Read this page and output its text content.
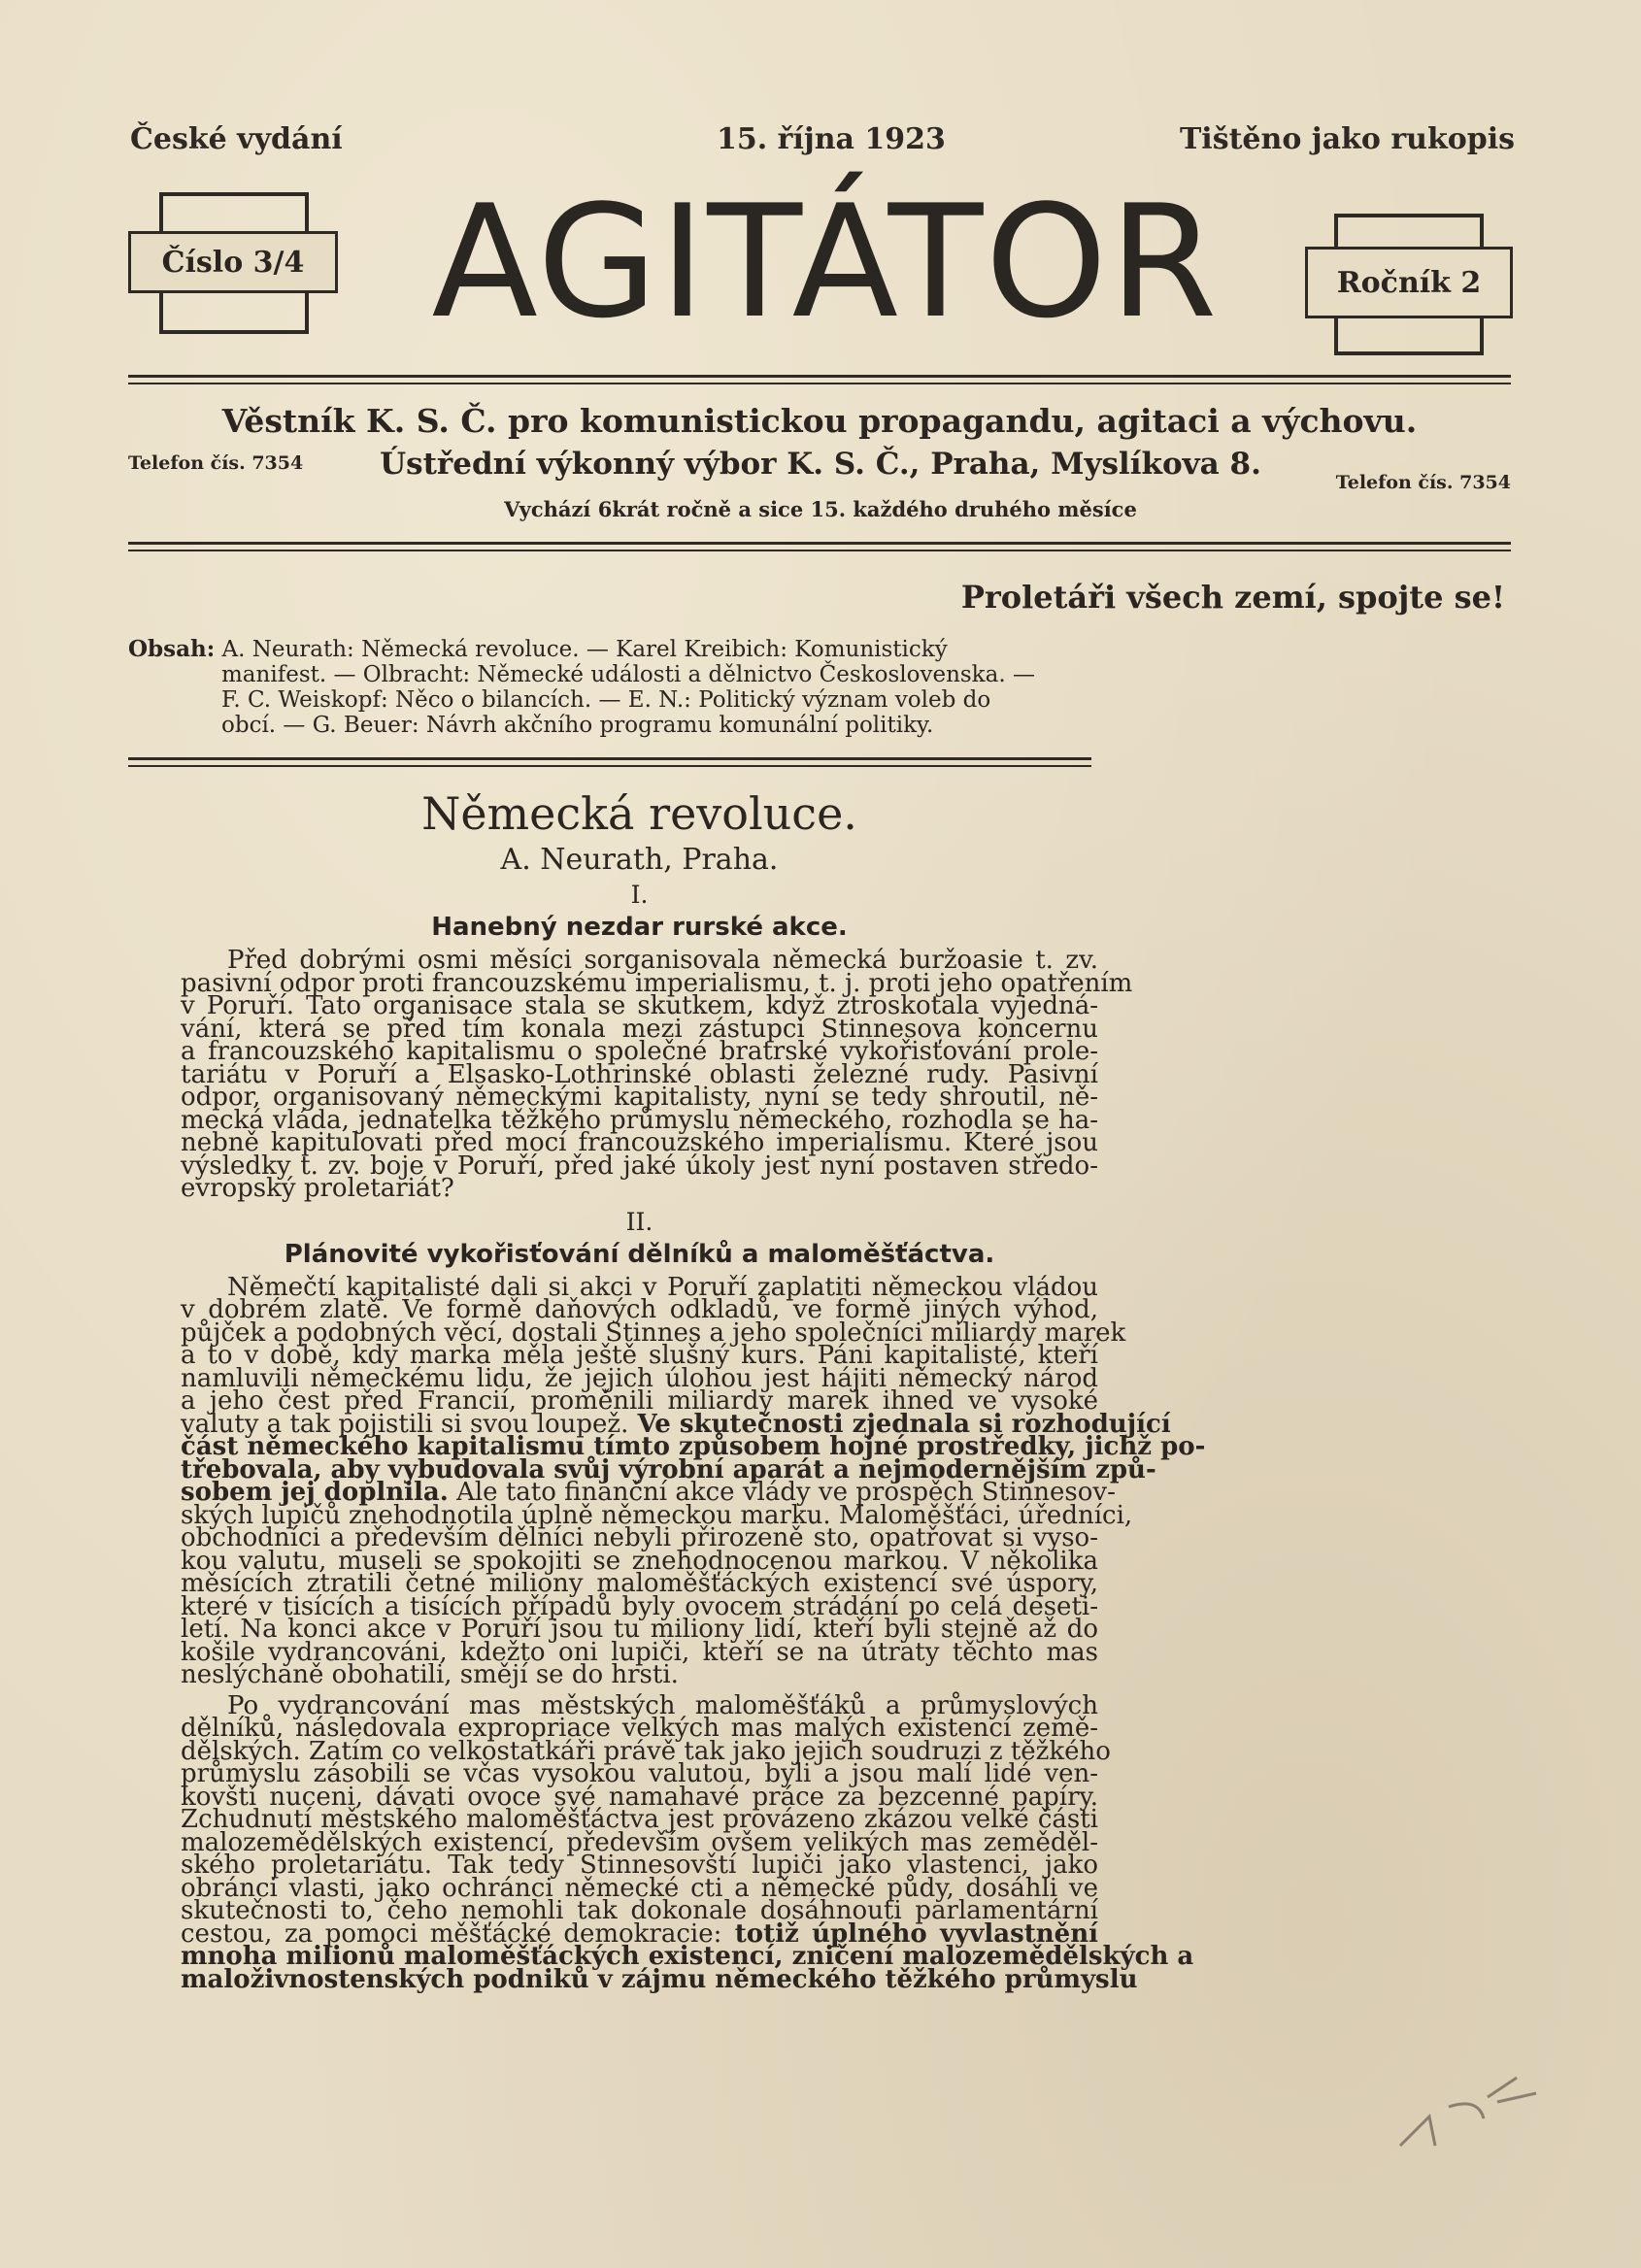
České vydání	15. října 1923	Tištěno jako rukopis
Číslo 3/4 AGITÁTOR	Ročník 2
Věstník K. S. Č. pro komunistickou propagandu, agitaci a výchovu.
Telefon čís. 7354	Ústřední výkonný výbor K. S. Č., Praha, Myslíkova 8.
Telefon čís. 7354
Vychází 6krát ročně a sice 15. každého druhého měsíce
Proletáři všech zemí, spojte se!
Obsah: A. Neurath: Německá revoluce. — Karel Kreibich: Komunistický
manifest. — Olbracht: Německé události a dělnictvo Československa. —
F. C. Weiskopf: Něco o bilancích. — E. N.: Politický význam voleb do
obcí. — G. Beuer: Návrh akčního programu komunální politiky.
Německá revoluce.
A. Neurath, Praha.
I.
Hanebný nezdar rurské akce.

Před dobrými osmi měsíci sorganisovala německá buržoasie t. zv.
pasivní odpor proti francouzskému imperialismu, t. j. proti jeho opatřením
v Poruří. Tato organisace stala se skutkem, když ztroskotala vyjedná-
vání, která se před tím konala mezi zástupci Stinnesova koncernu
a francouzského kapitalismu o společné bratrské vykořisťování prole-
tariátu v Poruří a Elsasko-Lothrinské oblasti železné rudy. Pasivní
odpor, organisovaný německými kapitalisty, nyní se tedy shroutil, ně-
mecká vláda, jednatelka těžkého průmyslu německého, rozhodla se ha-
nebně kapitulovati před mocí francouzského imperialismu. Které jsou
výsledky t. zv. boje v Poruří, před jaké úkoly jest nyní postaven středo-
evropský proletariát?

II.
Plánovité vykořisťování dělníků a maloměšťáctva.

Němečtí kapitalisté dali si akci v Poruří zaplatiti německou vládou
v dobrém zlatě. Ve formě daňových odkladů, ve formě jiných výhod,
půjček a podobných věcí, dostali Stinnes a jeho společníci miliardy marek
a to v době, kdy marka měla ještě slušný kurs. Páni kapitalisté, kteří
namluvili německému lidu, že jejich úlohou jest hájiti německý národ
a jeho čest před Francií, proměnili miliardy marek ihned ve vysoké
valuty a tak pojistili si svou loupež. Ve skutečnosti zjednala si rozhodující
část německého kapitalismu tímto způsobem hojné prostředky, jichž po-
třebovala, aby vybudovala svůj výrobní aparát a nejmodernějším způ-
sobem jej doplnila. Ale tato finanční akce vlády ve prospěch Stinnesov-
ských lupičů znehodnotila úplně německou marku. Maloměšťáci, úředníci,
obchodníci a především dělníci nebyli přirozeně sto, opatřovat si vyso-
kou valutu, museli se spokojiti se znehodnocenou markou. V několika
měsících ztratili četné miliony maloměšťáckých existencí své úspory,
které v tisících a tisících případů byly ovocem strádání po celá deseti-
letí. Na konci akce v Poruří jsou tu miliony lidí, kteří byli stejně až do
košile vydrancováni, kdežto oni lupiči, kteří se na útraty těchto mas
neslýchaně obohatili, smějí se do hrsti.

Po vydrancování mas městských maloměšťáků a průmyslových
dělníků, následovala expropriace velkých mas malých existencí země-
dělských. Zatím co velkostatkáři právě tak jako jejich soudruzi z těžkého
průmyslu zásobili se včas vysokou valutou, byli a jsou malí lidé ven-
kovští nuceni, dávati ovoce své namahavé práce za bezcenné papíry.
Zchudnutí městského maloměšťáctva jest provázeno zkázou velké části
malozemědělských existencí, především ovšem velikých mas zeměděl-
ského proletariátu. Tak tedy Stinnesovští lupiči jako vlastenci, jako
obránci vlasti, jako ochránci německé cti a německé půdy, dosáhli ve
skutečnosti to, čeho nemohli tak dokonale dosáhnouti parlamentární
cestou, za pomoci měšťácké demokracie: totiž úplného vyvlastnění
mnoha milionů maloměšťáckých existencí, zničení malozemědělských a
maloživnostenských podniků v zájmu německého těžkého průmyslu
